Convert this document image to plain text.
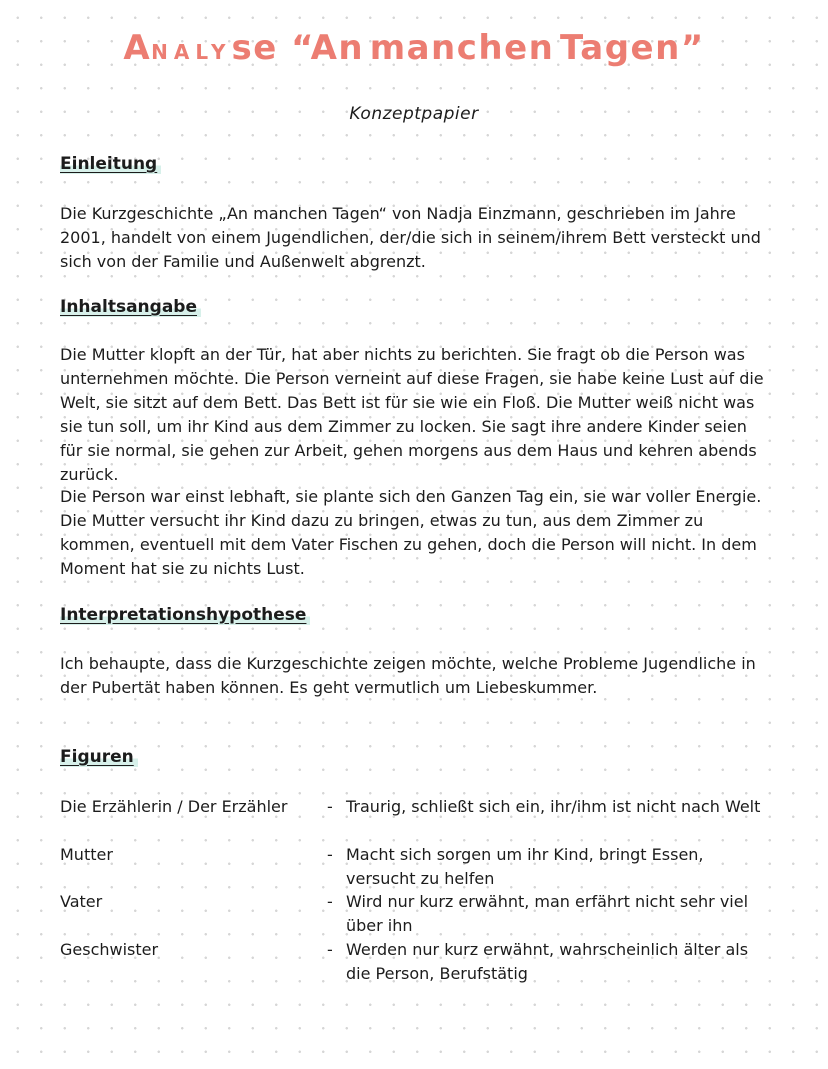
ANALYse “An manchen Tagen”
Konzeptpapier
Einleitung

Die Kurzgeschichte „An manchen Tagen“ von Nadja Einzmann, geschrieben im Jahre 2001, handelt von einem Jugendlichen, der/die sich in seinem/ihrem Bett versteckt und sich von der Familie und Außenwelt abgrenzt.

Inhaltsangabe

Die Mutter klopft an der Tür, hat aber nichts zu berichten. Sie fragt ob die Person was unternehmen möchte. Die Person verneint auf diese Fragen, sie habe keine Lust auf die Welt, sie sitzt auf dem Bett. Das Bett ist für sie wie ein Floß. Die Mutter weiß nicht was sie tun soll, um ihr Kind aus dem Zimmer zu locken. Sie sagt ihre andere Kinder seien für sie normal, sie gehen zur Arbeit, gehen morgens aus dem Haus und kehren abends zurück.

Die Person war einst lebhaft, sie plante sich den Ganzen Tag ein, sie war voller Energie. Die Mutter versucht ihr Kind dazu zu bringen, etwas zu tun, aus dem Zimmer zu kommen, eventuell mit dem Vater Fischen zu gehen, doch die Person will nicht. In dem Moment hat sie zu nichts Lust.

Interpretationshypothese

Ich behaupte, dass die Kurzgeschichte zeigen möchte, welche Probleme Jugendliche in der Pubertät haben können. Es geht vermutlich um Liebeskummer.

Figuren
Die Erzählerin / Der Erzähler - Traurig, schließt sich ein, ihr/ihm ist nicht nach Welt
Mutter	- Macht sich sorgen um ihr Kind, bringt Essen, versucht zu helfen
Vater	- Wird nur kurz erwähnt, man erfährt nicht sehr viel über ihn
Geschwister	- Werden nur kurz erwähnt, wahrscheinlich älter als die Person, Berufstätig
